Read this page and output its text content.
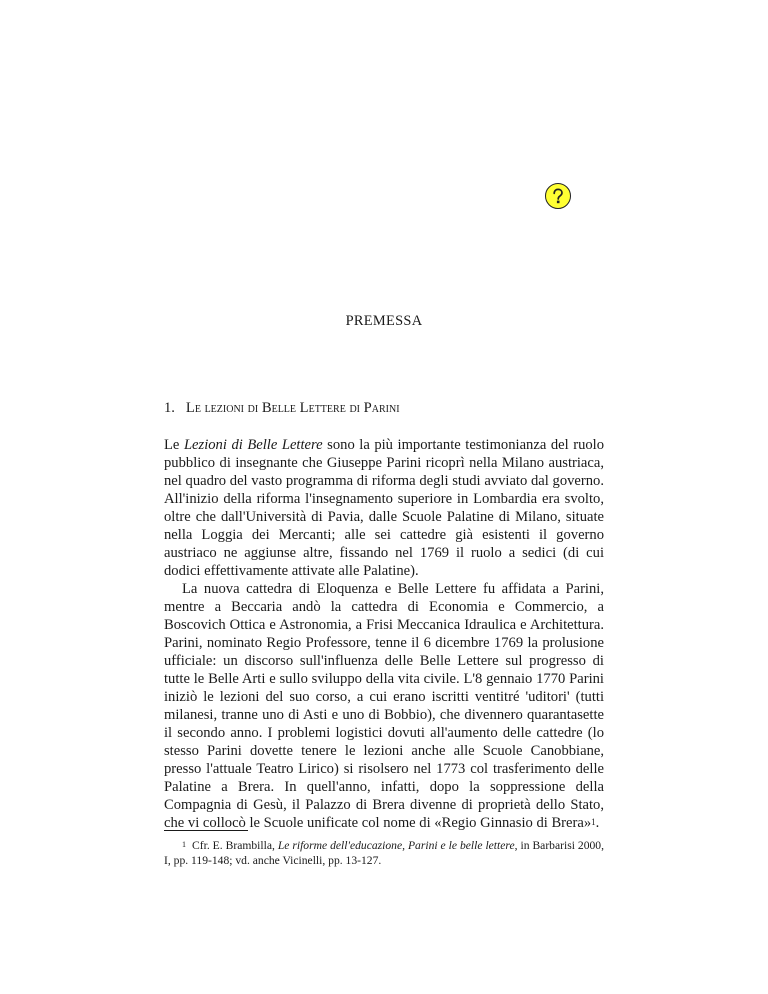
PREMESSA
1. Le lezioni di Belle Lettere di Parini

Le Lezioni di Belle Lettere sono la più importante testimonianza del ruolo pubblico di insegnante che Giuseppe Parini ricoprì nella Milano austriaca, nel quadro del vasto programma di riforma degli studi avviato dal governo. All'inizio della riforma l'insegnamento superiore in Lombardia era svolto, oltre che dall'Università di Pavia, dalle Scuole Palatine di Milano, situate nella Loggia dei Mercanti; alle sei cattedre già esistenti il governo austriaco ne aggiunse altre, fissando nel 1769 il ruolo a sedici (di cui dodici effettivamente attivate alle Palatine).

La nuova cattedra di Eloquenza e Belle Lettere fu affidata a Parini, mentre a Beccaria andò la cattedra di Economia e Commercio, a Boscovich Ottica e Astronomia, a Frisi Meccanica Idraulica e Architettura. Parini, nominato Regio Professore, tenne il 6 dicembre 1769 la prolusione ufficiale: un discorso sull'influenza delle Belle Lettere sul progresso di tutte le Belle Arti e sullo sviluppo della vita civile. L'8 gennaio 1770 Parini iniziò le lezioni del suo corso, a cui erano iscritti ventitré 'uditori' (tutti milanesi, tranne uno di Asti e uno di Bobbio), che divennero quarantasette il secondo anno. I problemi logistici dovuti all'aumento delle cattedre (lo stesso Parini dovette tenere le lezioni anche alle Scuole Canobbiane, presso l'attuale Teatro Lirico) si risolsero nel 1773 col trasferimento delle Palatine a Brera. In quell'anno, infatti, dopo la soppressione della Compagnia di Gesù, il Palazzo di Brera divenne di proprietà dello Stato, che vi collocò le Scuole unificate col nome di «Regio Ginnasio di Brera»$^1$.

$^1$ Cfr. E. Brambilla, Le riforme dell'educazione, Parini e le belle lettere, in Barbarisi 2000, I, pp. 119-148; vd. anche Vicinelli, pp. 13-127.
